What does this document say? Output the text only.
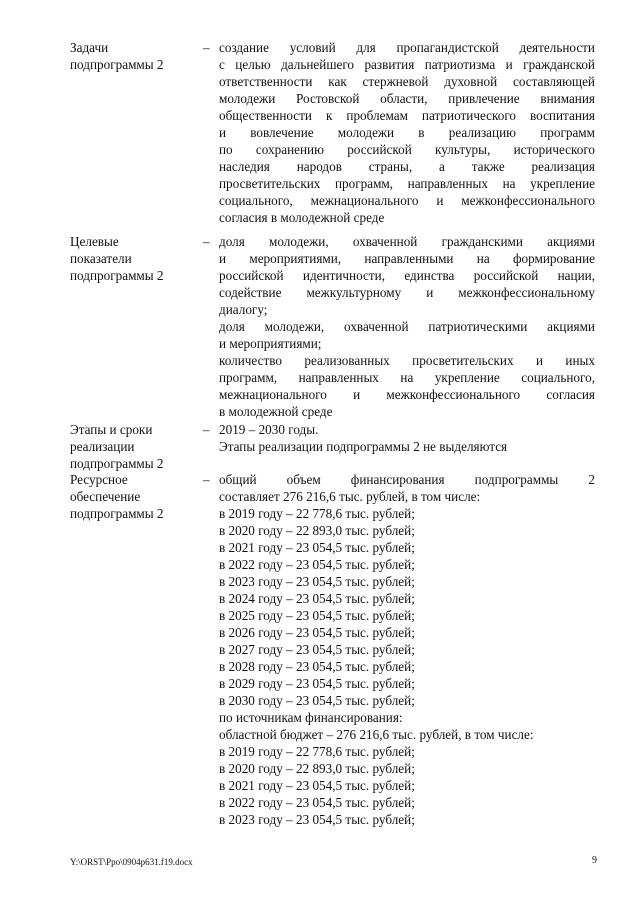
Задачи
подпрограммы 2
– создание условий для пропагандистской деятельности
с целью дальнейшего развития патриотизма и гражданской
ответственности как стержневой духовной составляющей
молодежи Ростовской области, привлечение внимания
общественности к проблемам патриотического воспитания
и вовлечение молодежи в реализацию программ
по сохранению российской культуры, исторического
наследия народов страны, а также реализация
просветительских программ, направленных на укрепление
социального, межнационального и межконфессионального
согласия в молодежной среде
Целевые
показатели
подпрограммы 2
– доля молодежи, охваченной гражданскими акциями
и мероприятиями, направленными на формирование
российской идентичности, единства российской нации,
содействие межкультурному и межконфессиональному
диалогу;
доля молодежи, охваченной патриотическими акциями
и мероприятиями;
количество реализованных просветительских и иных
программ, направленных на укрепление социального,
межнационального и межконфессионального согласия
в молодежной среде
Этапы и сроки
реализации
подпрограммы 2
– 2019 – 2030 годы.
Этапы реализации подпрограммы 2 не выделяются
Ресурсное
обеспечение
подпрограммы 2
– общий объем финансирования подпрограммы 2
составляет 276 216,6 тыс. рублей, в том числе:
в 2019 году – 22 778,6 тыс. рублей;
в 2020 году – 22 893,0 тыс. рублей;
в 2021 году – 23 054,5 тыс. рублей;
в 2022 году – 23 054,5 тыс. рублей;
в 2023 году – 23 054,5 тыс. рублей;
в 2024 году – 23 054,5 тыс. рублей;
в 2025 году – 23 054,5 тыс. рублей;
в 2026 году – 23 054,5 тыс. рублей;
в 2027 году – 23 054,5 тыс. рублей;
в 2028 году – 23 054,5 тыс. рублей;
в 2029 году – 23 054,5 тыс. рублей;
в 2030 году – 23 054,5 тыс. рублей;
по источникам финансирования:
областной бюджет – 276 216,6 тыс. рублей, в том числе:
в 2019 году – 22 778,6 тыс. рублей;
в 2020 году – 22 893,0 тыс. рублей;
в 2021 году – 23 054,5 тыс. рублей;
в 2022 году – 23 054,5 тыс. рублей;
в 2023 году – 23 054,5 тыс. рублей;
Y:\ORST\Ppo\0904p631.f19.docx	9
